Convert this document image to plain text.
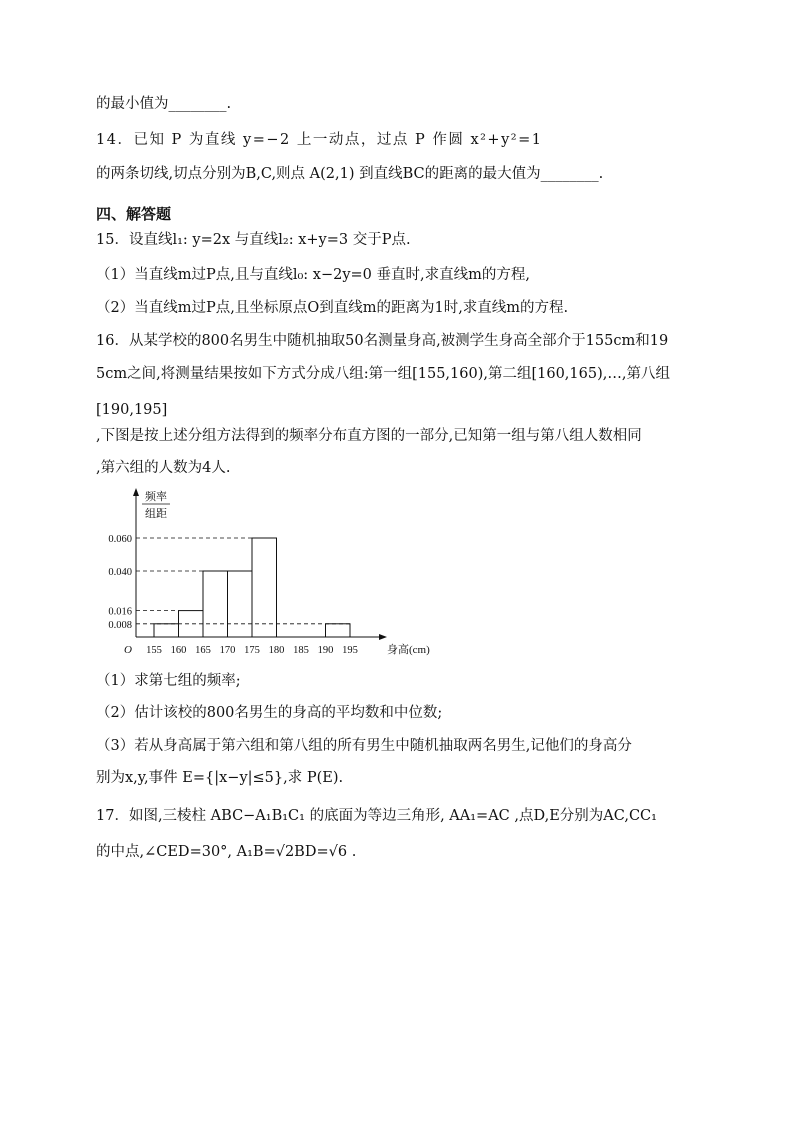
的最小值为________.
14．已知 P 为直线 y=−2 上一动点，过点 P 作圆 x²+y²=1
的两条切线,切点分别为B,C,则点 A(2,1) 到直线BC的距离的最大值为________.
四、解答题
15．设直线l₁: y=2x 与直线l₂: x+y=3 交于P点.
（1）当直线m过P点,且与直线l₀: x−2y=0 垂直时,求直线m的方程,
（2）当直线m过P点,且坐标原点O到直线m的距离为1时,求直线m的方程.
16．从某学校的800名男生中随机抽取50名测量身高,被测学生身高全部介于155cm和19
5cm之间,将测量结果按如下方式分成八组:第一组[155,160),第二组[160,165),…,第八组
[190,195]
,下图是按上述分组方法得到的频率分布直方图的一部分,已知第一组与第八组人数相同
,第六组的人数为4人.
0.060
0.040
0.016
0.008
155 160 165 170 175 180 185 190 195
O	身高(cm)
频率
组距
（1）求第七组的频率;
（2）估计该校的800名男生的身高的平均数和中位数;
（3）若从身高属于第六组和第八组的所有男生中随机抽取两名男生,记他们的身高分
别为x,y,事件 E={|x−y|≤5},求 P(E).
17．如图,三棱柱 ABC−A₁B₁C₁ 的底面为等边三角形, AA₁=AC ,点D,E分别为AC,CC₁
的中点,∠CED=30°, A₁B=√2BD=√6 .
